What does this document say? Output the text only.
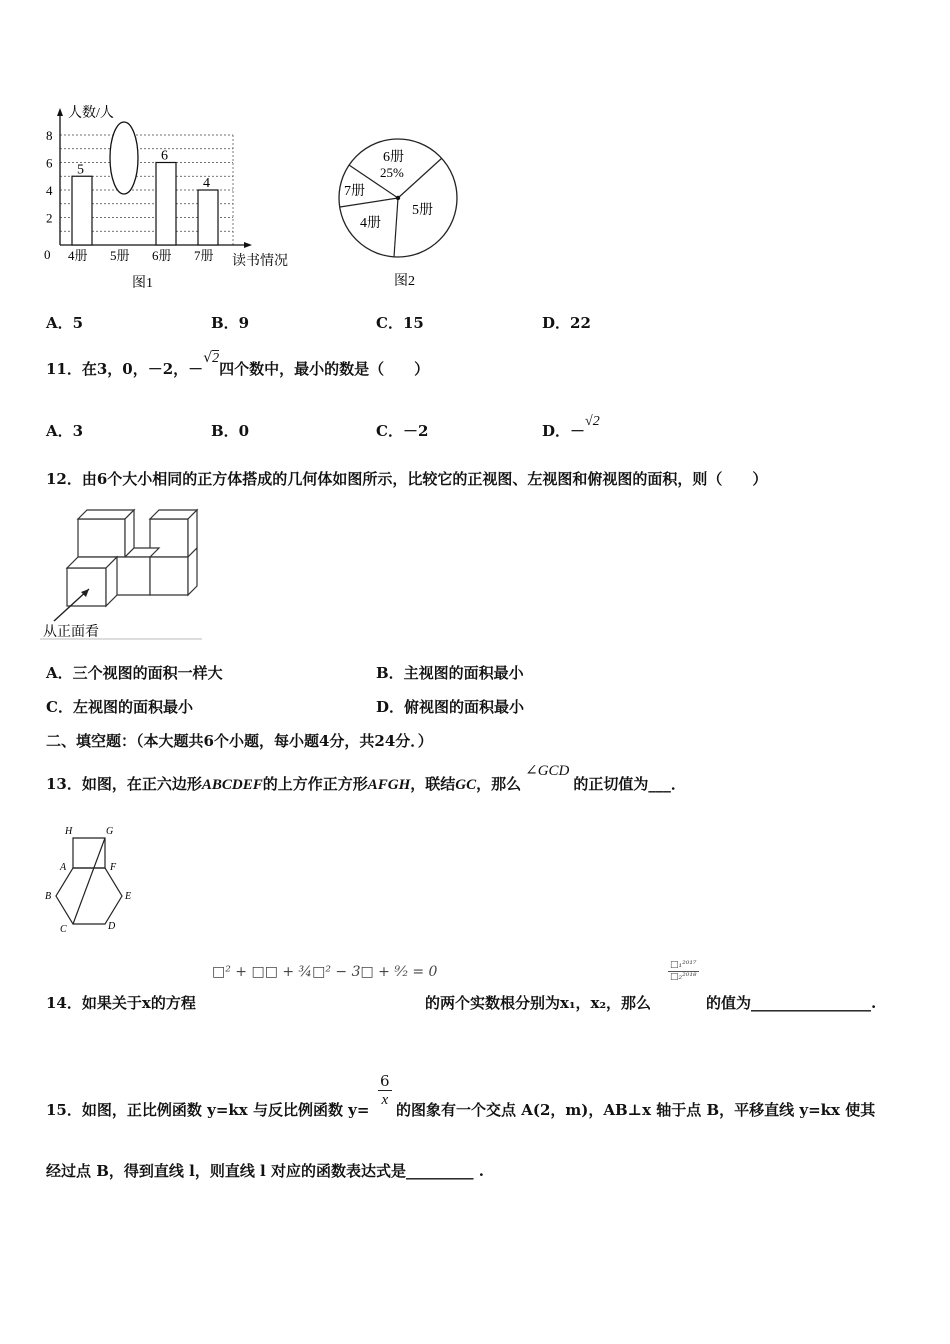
0
2
4
6
8
5
4册 5册
6
6册
4
7册
人数/人
读书情况
图1
6册
25%
5册
4册
7册
图2
A．5	B．9	C．15	D．22
11．在3，0，－2，－√2四个数中，最小的数是（　　）
A．3	B．0	C．－2	D．－√2
12．由6个大小相同的正方体搭成的几何体如图所示，比较它的正视图、左视图和俯视图的面积，则（　　）
从正面看
A．三个视图的面积一样大	B．主视图的面积最小
C．左视图的面积最小	D．俯视图的面积最小
二、填空题：（本大题共6个小题，每小题4分，共24分．）
13．如图，在正六边形ABCDEF的上方作正方形AFGH，联结GC，那么∠GCD的正切值为___．
H	G
A	F
B	E
C	D
□² + □□ + ¾□² − 3□ + ⁹⁄₂ = 0	□₁²⁰¹⁷
□₂²⁰¹⁸
14．如果关于x的方程	的两个实数根分别为x₁，x₂，那么	的值为________________.
$\frac{6}{x}$
15．如图，正比例函数 y=kx 与反比例函数 y= 的图象有一个交点 A(2，m)，AB⊥x 轴于点 B，平移直线 y=kx 使其
经过点 B，得到直线 l，则直线 l 对应的函数表达式是_________ .
